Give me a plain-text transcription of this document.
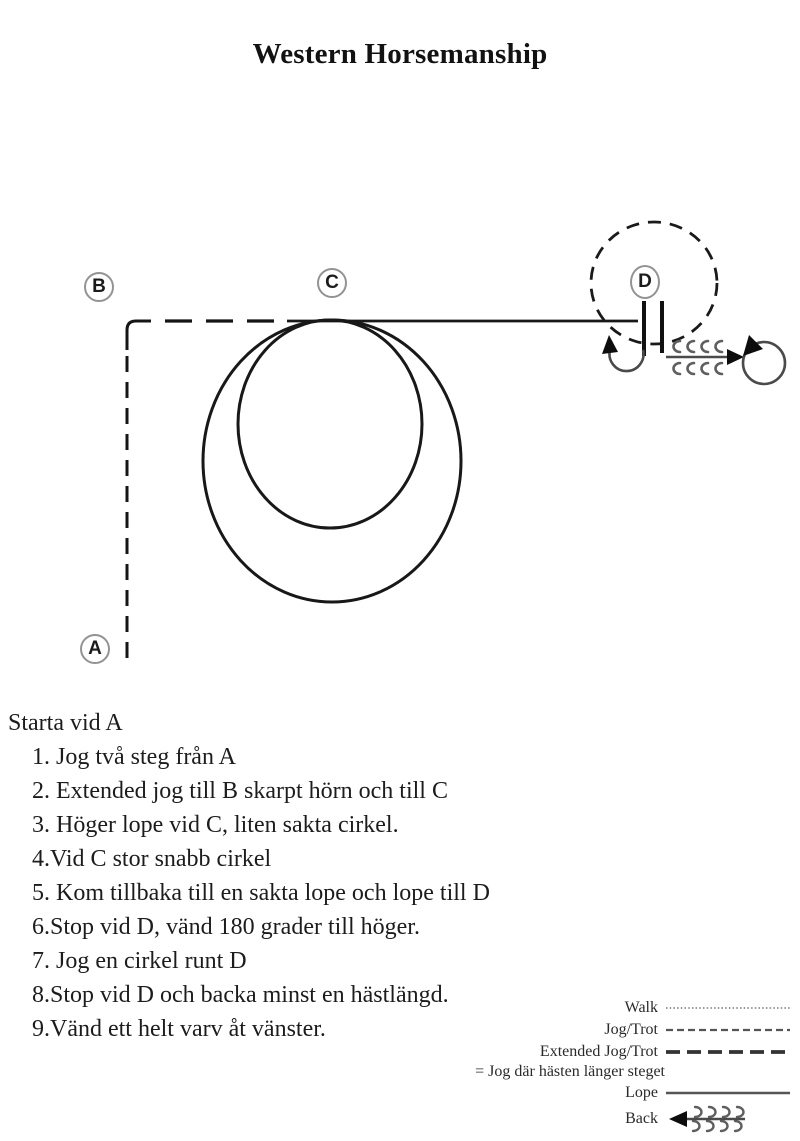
Western Horsemanship
B	C	D
A
Starta vid A
1. Jog två steg från A
2. Extended jog till B skarpt hörn och till C
3. Höger lope vid C, liten sakta cirkel.
4.Vid C stor snabb cirkel
5. Kom tillbaka till en sakta lope och lope till D
6.Stop vid D, vänd 180 grader till höger.
7. Jog en cirkel runt D
8.Stop vid D och backa minst en hästlängd.
9.Vänd ett helt varv åt vänster.
Walk
Jog/Trot
Extended Jog/Trot
= Jog där hästen länger steget
Lope
Back
